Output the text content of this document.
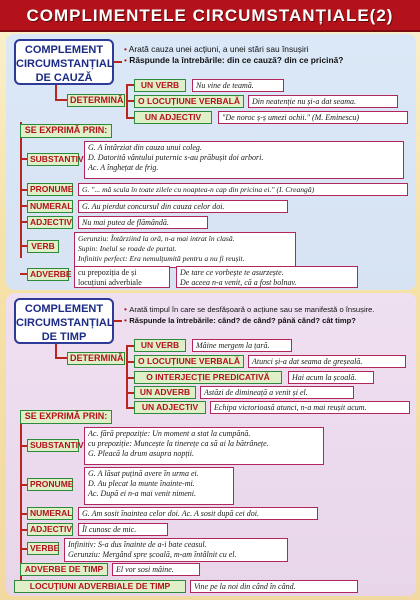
COMPLIMENTELE CIRCUMSTANȚIALE(2)
COMPLEMENT
CIRCUMSTANȚIAL
DE CAUZĂ
• Arată cauza unei acțiuni, a unei stări sau însușiri
• Răspunde la întrebările: din ce cauză? din ce pricină?
DETERMINĂ
UN VERB	Nu vine de teamă.
O LOCUȚIUNE VERBALĂ	Din neatenție nu și-a dat seama.
UN ADJECTIV	"De noroc ș-ș umezi ochii." (M. Eminescu)
SE EXPRIMĂ PRIN:
SUBSTANTIV
G. A întârziat din cauza unui coleg.
D. Datorită vântului puternic s-au prăbușit doi arbori.
Ac. A înghețat de frig.
PRONUME	G. "... mă scula în toate zilele cu noaptea-n cap din pricina ei." (I. Creangă)
NUMERAL	G. Au pierdut concursul din cauza celor doi.
ADJECTIV	Nu mai putea de flămândă.
VERB
Gerunziu: Întârziind la oră, n-a mai intrat în clasă.
Supin: Inelul se roade de purtat.
Infinitiv perfect: Era nemulțumită pentru a nu fi reușit.
ADVERBE cu prepoziția de și
locuțiuni adverbiale
De tare ce vorbește te asurzește.
De aceea n-a venit, că a fost bolnav.
COMPLEMENT
CIRCUMSTANȚIAL
DE TIMP
• Arată timpul în care se desfășoară o acțiune sau se manifestă o însușire.
• Răspunde la întrebările: când? de când? până când? cât timp?
DETERMINĂ
UN VERB	Mâine mergem la țară.
O LOCUȚIUNE VERBALĂ	Atunci și-a dat seama de greșeală.
O INTERJECȚIE PREDICATIVĂ	Hai acum la școală.
UN ADVERB	Astăzi de dimineață a venit și el.
UN ADJECTIV	Echipa victorioasă atunci, n-a mai reușit acum.
SE EXPRIMĂ PRIN:
SUBSTANTIV
Ac. fără prepoziție: Un moment a stat la cumpănă.
cu prepoziție: Muncește la tinerețe ca să ai la bătrânețe.
G. Pleacă la drum asupra nopții.
PRONUME
G. A lăsat puțină avere în urma ei.
D. Au plecat la munte înainte-mi.
Ac. După ei n-a mai venit nimeni.
NUMERAL	G. Am sosit înaintea celor doi. Ac. A sosit după cei doi.
ADJECTIV	Îl cunosc de mic.
VERBE Infinitiv: S-a dus înainte de a-i bate ceasul.
Gerunziu: Mergând spre școală, m-am întâlnit cu el.
ADVERBE DE TIMP	El vor sosi mâine.
LOCUȚIUNI ADVERBIALE DE TIMP	Vine pe la noi din când în când.
